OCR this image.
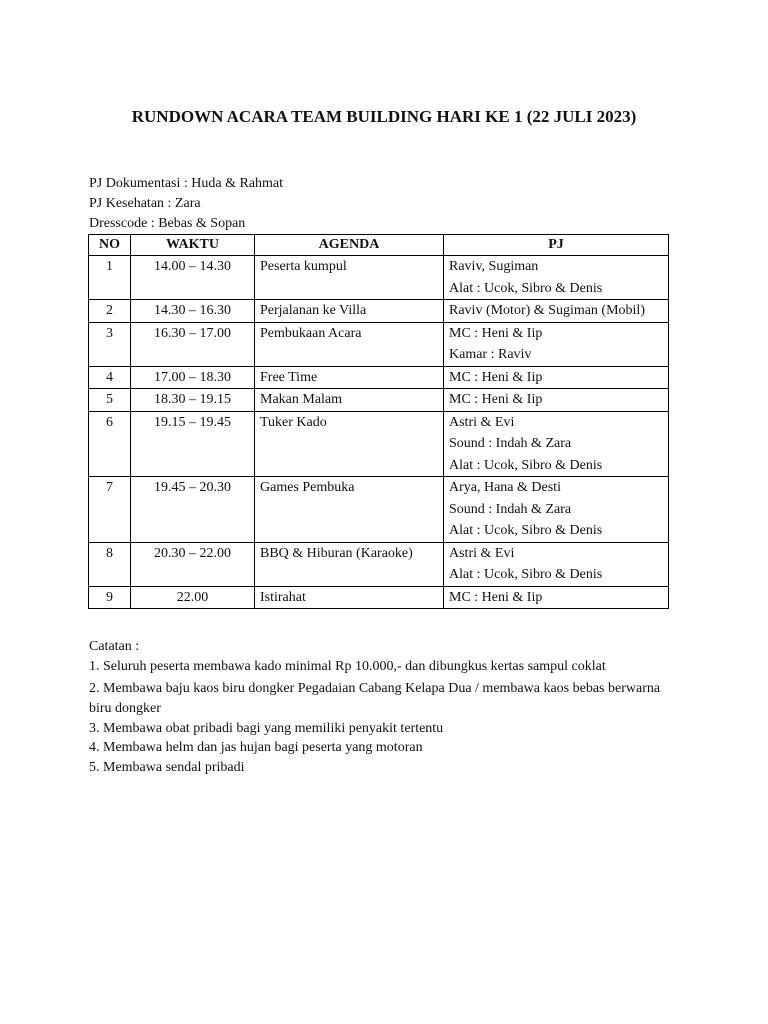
RUNDOWN ACARA TEAM BUILDING HARI KE 1 (22 JULI 2023)
PJ Dokumentasi : Huda & Rahmat
PJ Kesehatan : Zara
Dresscode : Bebas & Sopan
NO	WAKTU	AGENDA	PJ
1	14.00 – 14.30	Peserta kumpul	Raviv, Sugiman
Alat : Ucok, Sibro & Denis

2	14.30 – 16.30	Perjalanan ke Villa	Raviv (Motor) & Sugiman (Mobil)

3	16.30 – 17.00	Pembukaan Acara	MC : Heni & Iip
Kamar : Raviv

4	17.00 – 18.30	Free Time	MC : Heni & Iip

5	18.30 – 19.15	Makan Malam	MC : Heni & Iip

6	19.15 – 19.45	Tuker Kado	Astri & Evi
Sound : Indah & Zara
Alat : Ucok, Sibro & Denis

7	19.45 – 20.30	Games Pembuka	Arya, Hana & Desti
Sound : Indah & Zara
Alat : Ucok, Sibro & Denis

8	20.30 – 22.00	BBQ & Hiburan (Karaoke)	Astri & Evi
Alat : Ucok, Sibro & Denis

9	22.00	Istirahat	MC : Heni & Iip
Catatan :
1. Seluruh peserta membawa kado minimal Rp 10.000,- dan dibungkus kertas sampul coklat
2. Membawa baju kaos biru dongker Pegadaian Cabang Kelapa Dua / membawa kaos bebas berwarna biru dongker
3. Membawa obat pribadi bagi yang memiliki penyakit tertentu
4. Membawa helm dan jas hujan bagi peserta yang motoran
5. Membawa sendal pribadi
